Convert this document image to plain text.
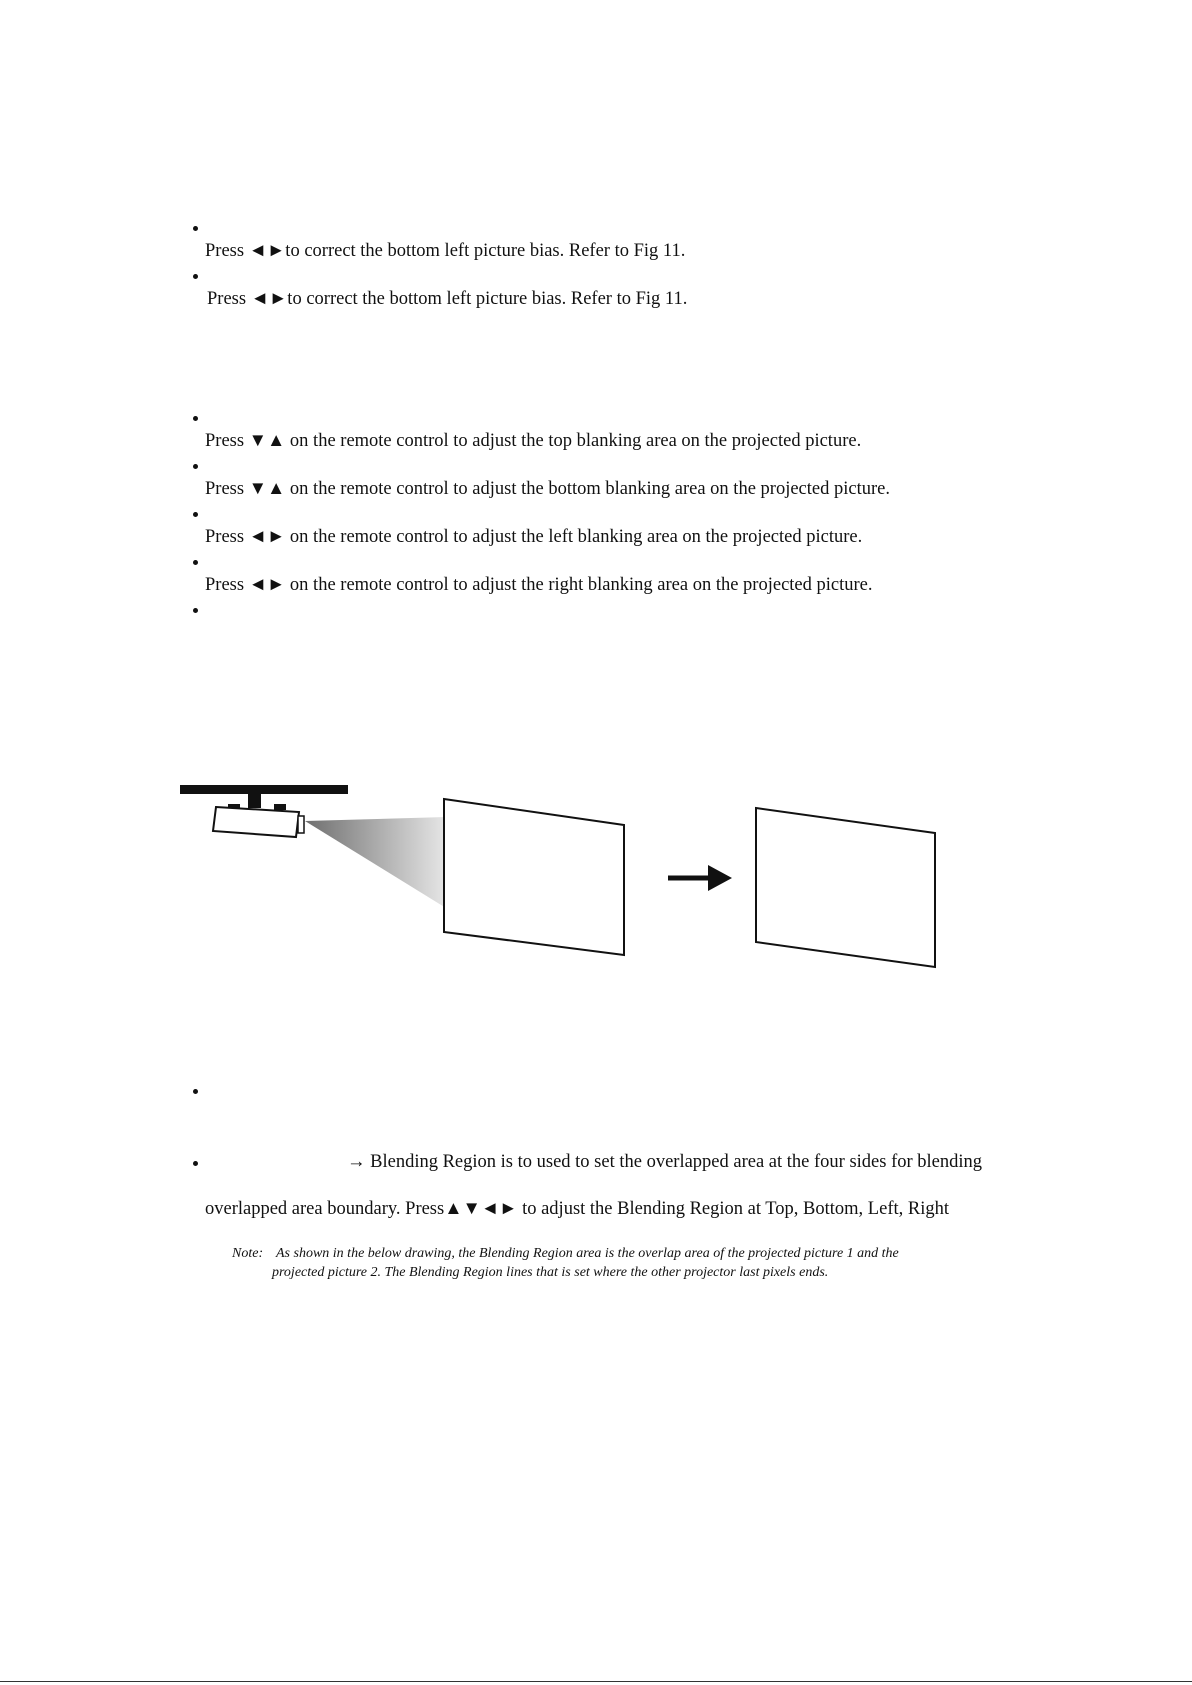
Press ◄►to correct the bottom left picture bias. Refer to Fig 11.
Press ◄►to correct the bottom left picture bias. Refer to Fig 11.
Press ▼▲ on the remote control to adjust the top blanking area on the projected picture.
Press ▼▲ on the remote control to adjust the bottom blanking area on the projected picture.
Press ◄► on the remote control to adjust the left blanking area on the projected picture.
Press ◄► on the remote control to adjust the right blanking area on the projected picture.
→ Blending Region is to used to set the overlapped area at the four sides for blending
overlapped area boundary. Press▲▼◄► to adjust the Blending Region at Top, Bottom, Left, Right
Note: As shown in the below drawing, the Blending Region area is the overlap area of the projected picture 1 and the
projected picture 2. The Blending Region lines that is set where the other projector last pixels ends.
